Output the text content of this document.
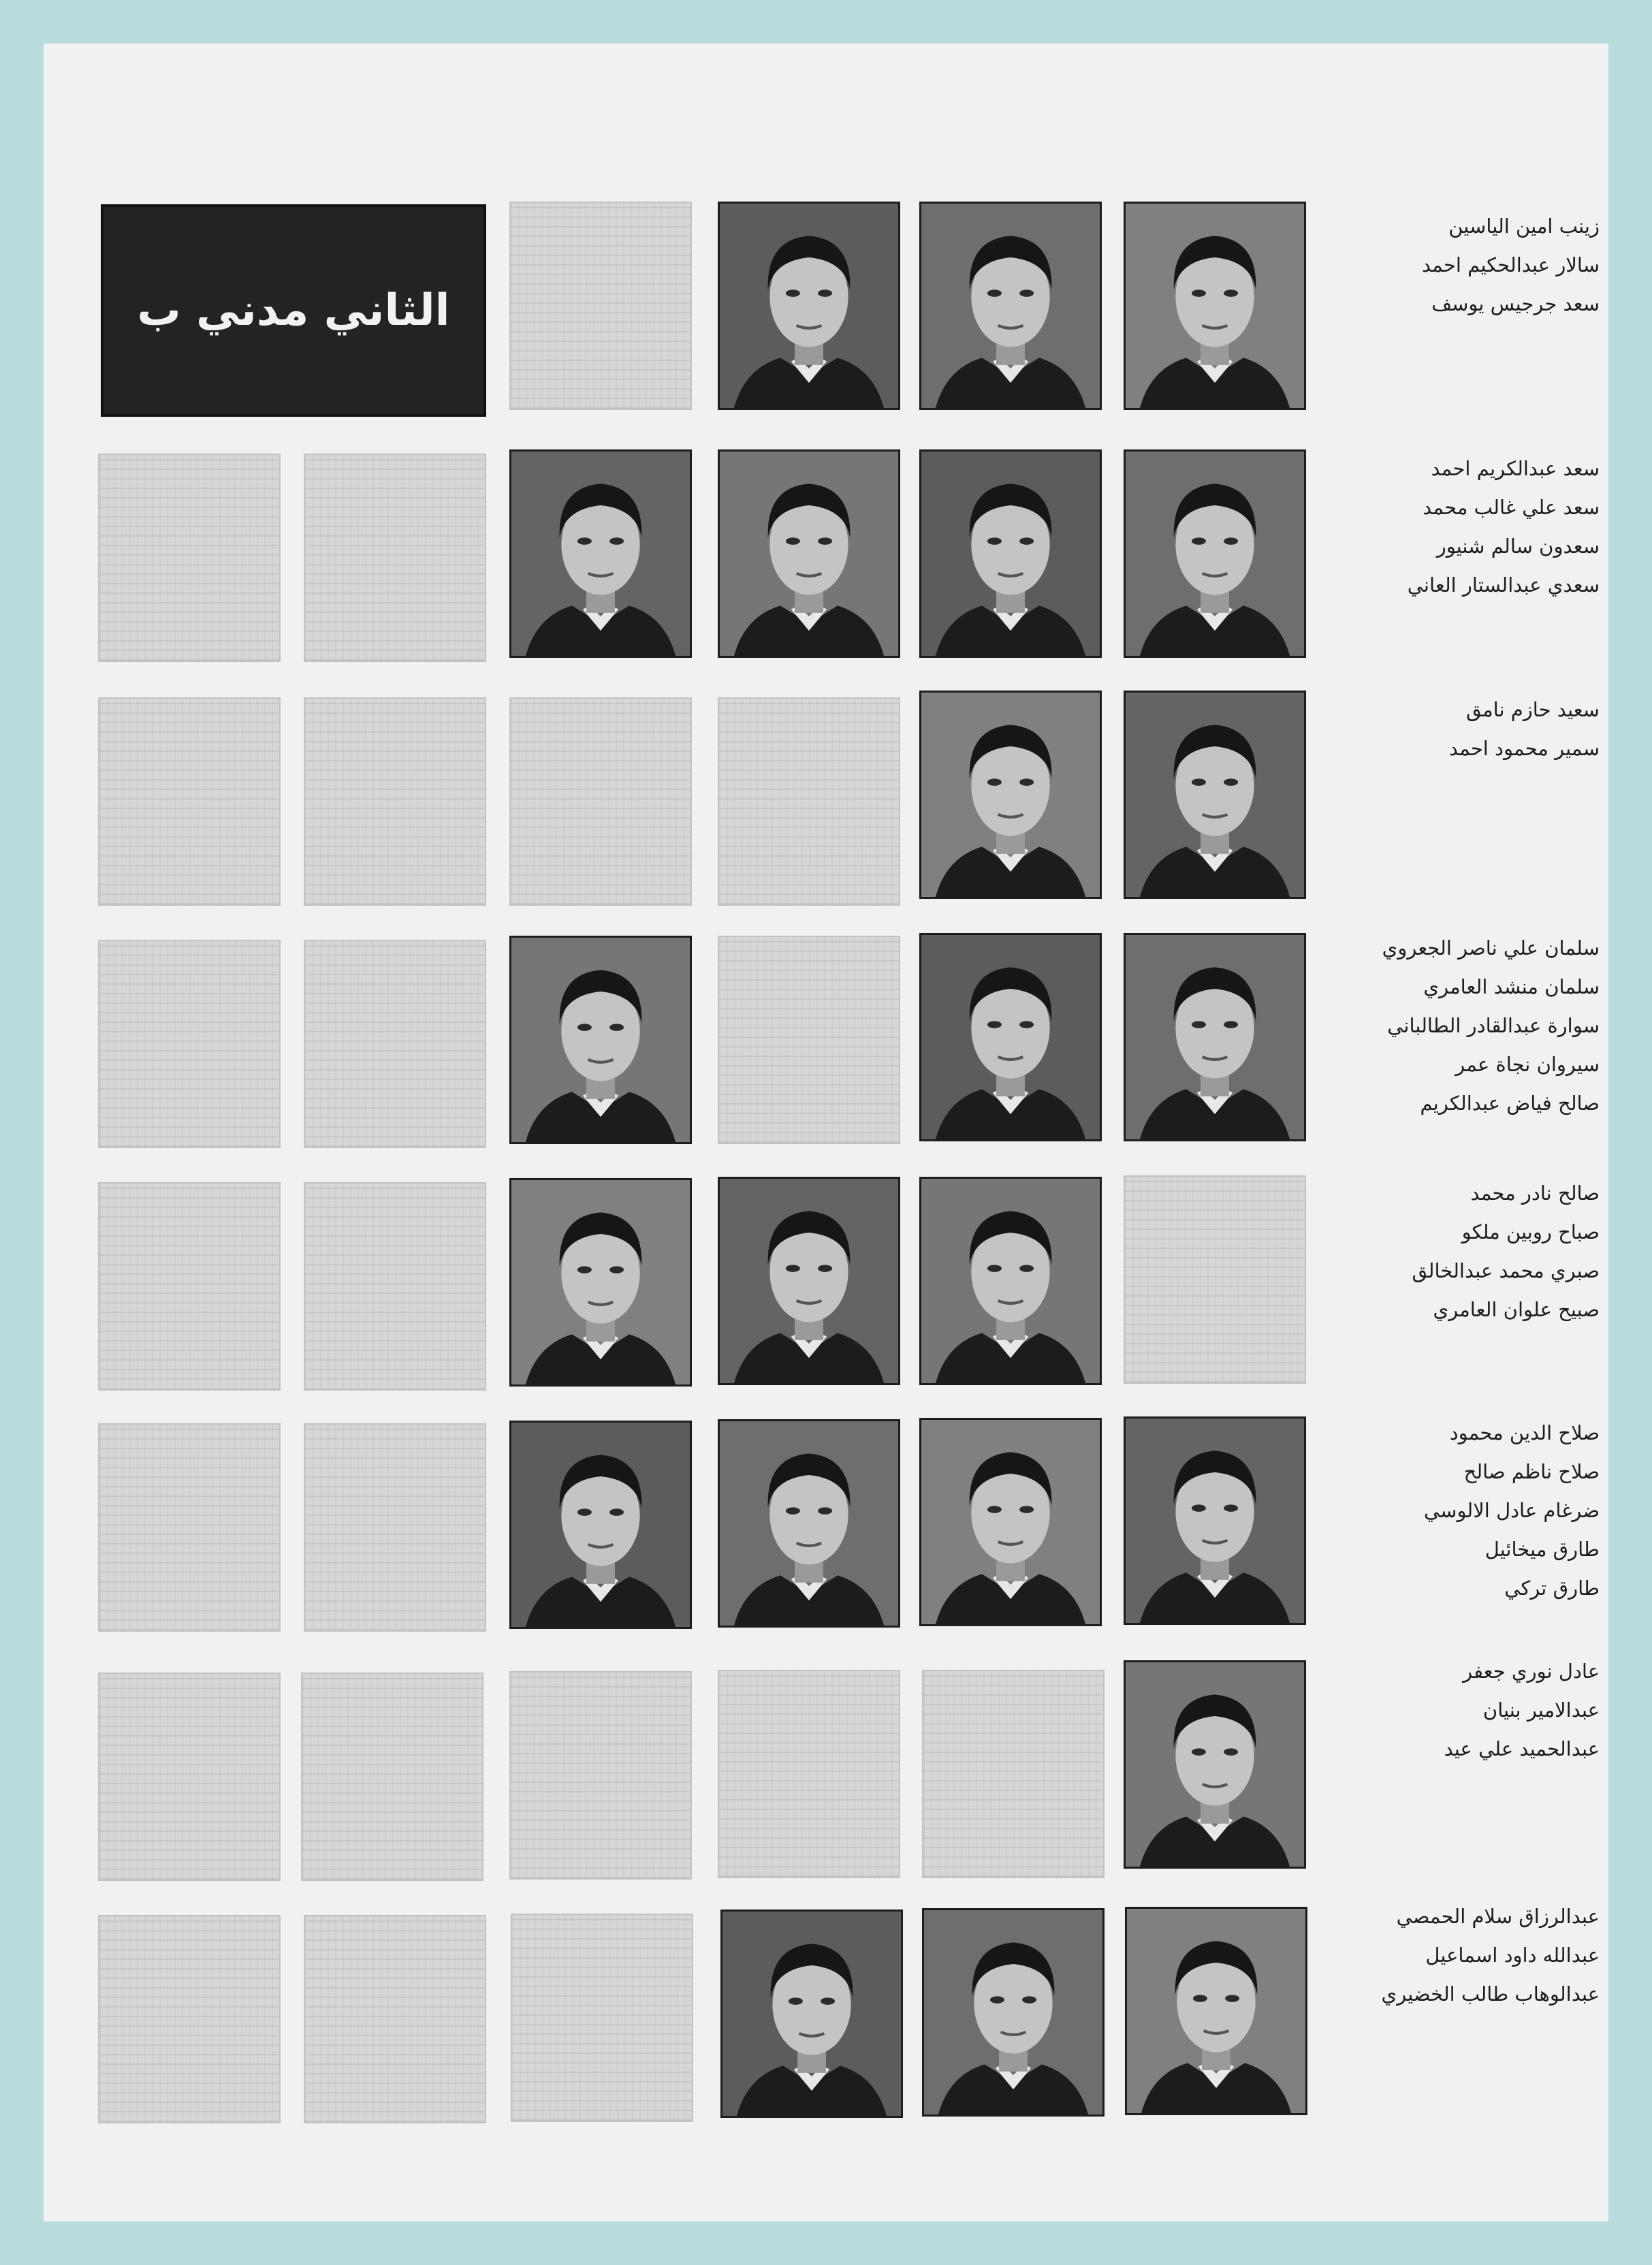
الثاني مدني ب
زينب امين الياسين
سالار عبدالحكيم احمد
سعد جرجيس يوسف
سعد عبدالكريم احمد
سعد علي غالب محمد
سعدون سالم شنيور
سعدي عبدالستار العاني
سعيد حازم نامق
سمير محمود احمد
سلمان علي ناصر الجعروي
سلمان منشد العامري
سوارة عبدالقادر الطالباني
سيروان نجاة عمر
صالح فياض عبدالكريم
صالح نادر محمد
صباح روبين ملكو
صبري محمد عبدالخالق
صبيح علوان العامري
صلاح الدين محمود
صلاح ناظم صالح
ضرغام عادل الالوسي
طارق ميخائيل
طارق تركي
عادل نوري جعفر
عبدالامير بنيان
عبدالحميد علي عيد
عبدالرزاق سلام الحمصي
عبدالله داود اسماعيل
عبدالوهاب طالب الخضيري
